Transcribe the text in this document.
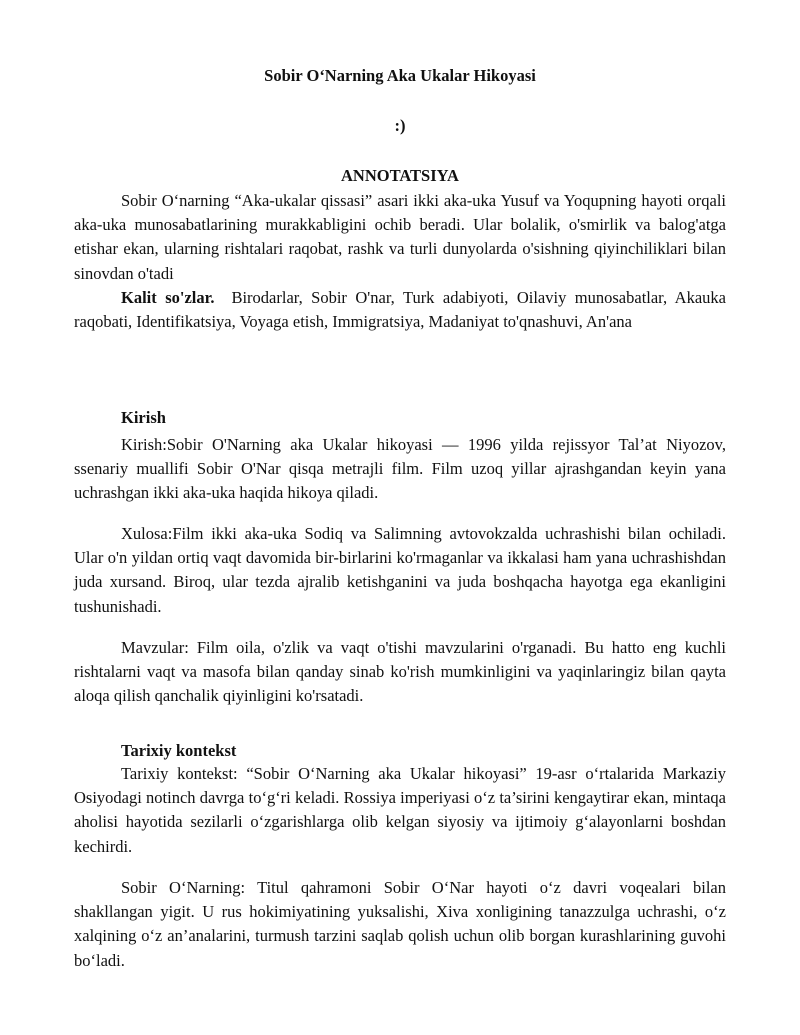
Sobir O‘Narning Aka Ukalar Hikoyasi
:)
ANNOTATSIYA

Sobir O‘narning “Aka-ukalar qissasi” asari ikki aka-uka Yusuf va Yoqupning hayoti orqali aka-uka munosabatlarining murakkabligini ochib beradi. Ular bolalik, o'smirlik va balog'atga etishar ekan, ularning rishtalari raqobat, rashk va turli dunyolarda o'sishning qiyinchiliklari bilan sinovdan o'tadi

Kalit so'zlar. Birodarlar, Sobir O'nar, Turk adabiyoti, Oilaviy munosabatlar, Akauka raqobati, Identifikatsiya, Voyaga etish, Immigratsiya, Madaniyat to'qnashuvi, An'ana

Kirish

Kirish:Sobir O'Narning aka Ukalar hikoyasi — 1996 yilda rejissyor Tal’at Niyozov, ssenariy muallifi Sobir O'Nar qisqa metrajli film. Film uzoq yillar ajrashgandan keyin yana uchrashgan ikki aka-uka haqida hikoya qiladi.

Xulosa:Film ikki aka-uka Sodiq va Salimning avtovokzalda uchrashishi bilan ochiladi. Ular o'n yildan ortiq vaqt davomida bir-birlarini ko'rmaganlar va ikkalasi ham yana uchrashishdan juda xursand. Biroq, ular tezda ajralib ketishganini va juda boshqacha hayotga ega ekanligini tushunishadi.

Mavzular: Film oila, o'zlik va vaqt o'tishi mavzularini o'rganadi. Bu hatto eng kuchli rishtalarni vaqt va masofa bilan qanday sinab ko'rish mumkinligini va yaqinlaringiz bilan qayta aloqa qilish qanchalik qiyinligini ko'rsatadi.

Tarixiy kontekst

Tarixiy kontekst: “Sobir O‘Narning aka Ukalar hikoyasi” 19-asr o‘rtalarida Markaziy Osiyodagi notinch davrga to‘g‘ri keladi. Rossiya imperiyasi o‘z ta’sirini kengaytirar ekan, mintaqa aholisi hayotida sezilarli o‘zgarishlarga olib kelgan siyosiy va ijtimoiy g‘alayonlarni boshdan kechirdi.

Sobir O‘Narning: Titul qahramoni Sobir O‘Nar hayoti o‘z davri voqealari bilan shakllangan yigit. U rus hokimiyatining yuksalishi, Xiva xonligining tanazzulga uchrashi, o‘z xalqining o‘z an’analarini, turmush tarzini saqlab qolish uchun olib borgan kurashlarining guvohi bo‘ladi.
